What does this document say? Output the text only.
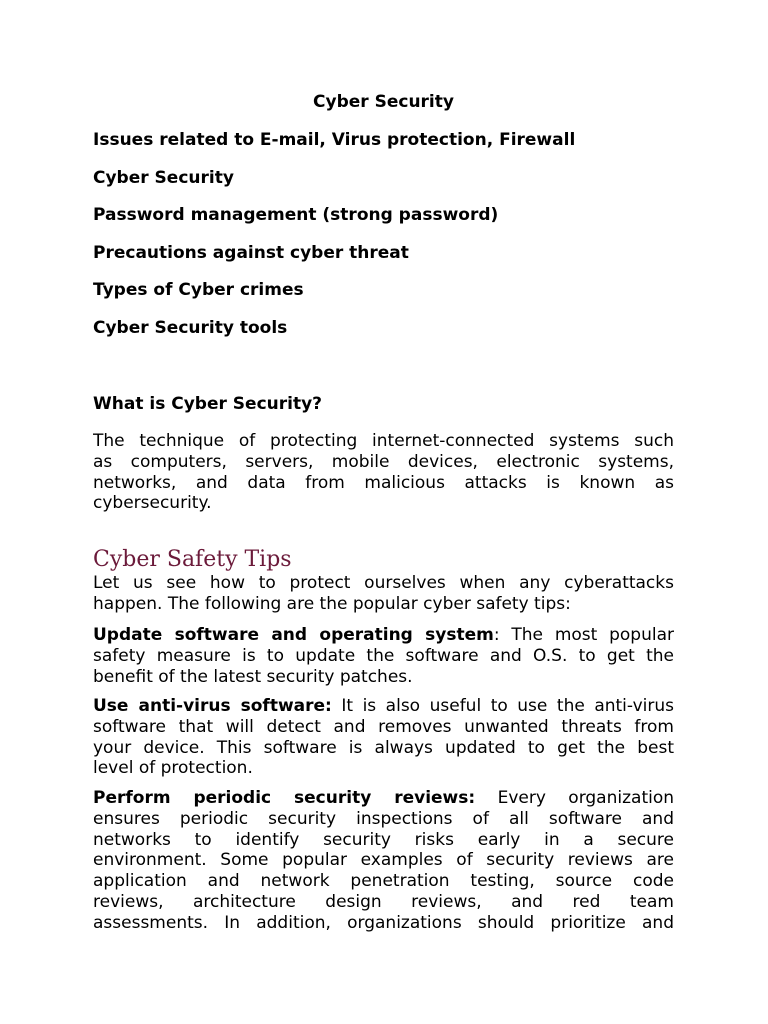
Cyber Security
Issues related to E-mail, Virus protection, Firewall
Cyber Security
Password management (strong password)
Precautions against cyber threat
Types of Cyber crimes
Cyber Security tools
What is Cyber Security?
The technique of protecting internet-connected systems such
as computers, servers, mobile devices, electronic systems,
networks, and data from malicious attacks is known as
cybersecurity.
Cyber Safety Tips
Let us see how to protect ourselves when any cyberattacks
happen. The following are the popular cyber safety tips:
Update software and operating system: The most popular
safety measure is to update the software and O.S. to get the
benefit of the latest security patches.
Use anti-virus software: It is also useful to use the anti-virus
software that will detect and removes unwanted threats from
your device. This software is always updated to get the best
level of protection.
Perform periodic security reviews: Every organization
ensures periodic security inspections of all software and
networks to identify security risks early in a secure
environment. Some popular examples of security reviews are
application and network penetration testing, source code
reviews, architecture design reviews, and red team
assessments. In addition, organizations should prioritize and
